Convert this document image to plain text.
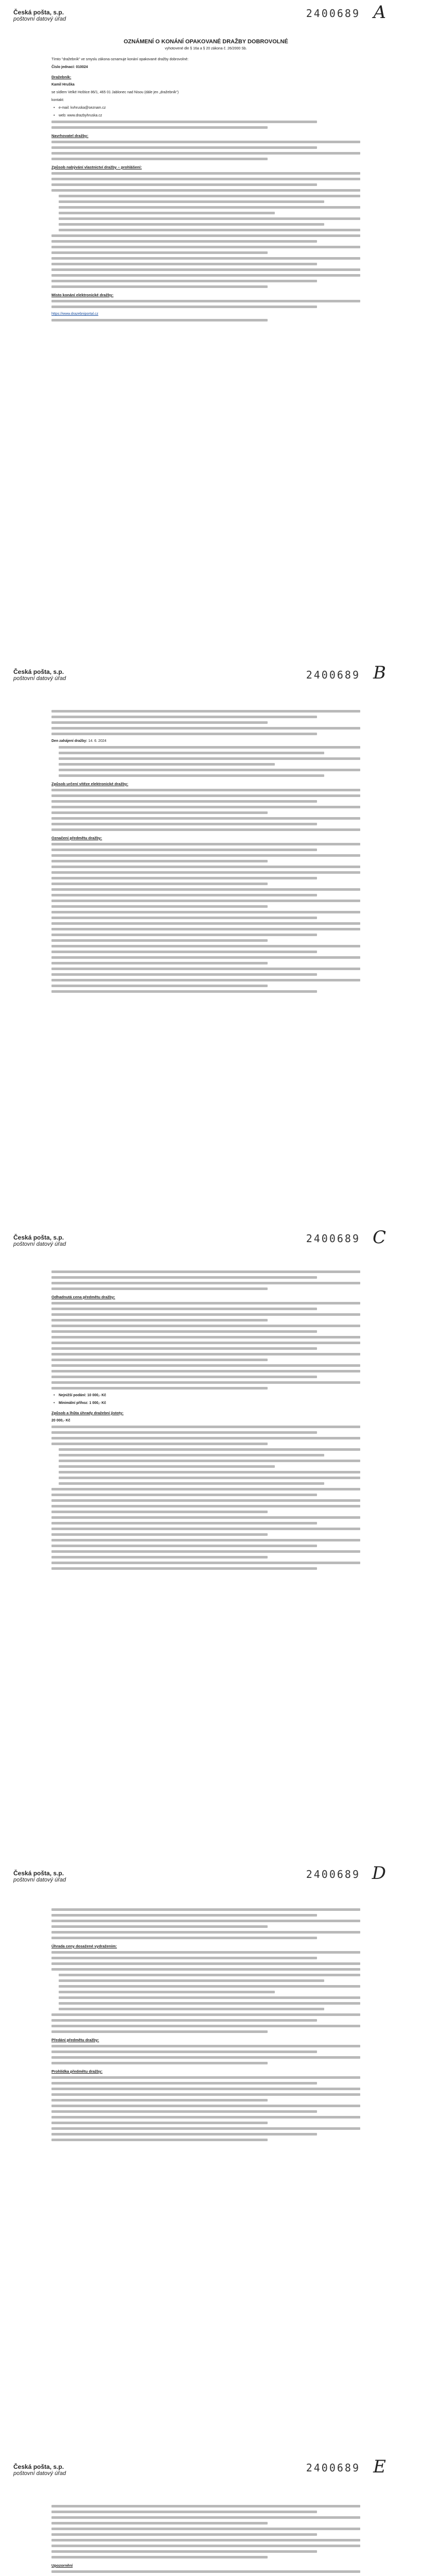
Česká pošta, s.p.
poštovní datový úřad	2400689 A
OZNÁMENÍ O KONÁNÍ OPAKOVANÉ DRAŽBY DOBROVOLNÉ
vyhotovené dle § 16a a § 20 zákona č. 26/2000 Sb.

Tímto "dražebník" ve smyslu zákona oznamuje konání opakované dražby dobrovolné:

Číslo jednací: 010024

Dražebník:

Kamil Hruška

se sídlem Velké Hoštice 86/1, 465 01 Jablonec nad Nisou (dále jen „dražebník“)

kontakt:

• e-mail: kvhruska@seznam.cz

• web: www.drazbyhruska.cz

Navrhovatel dražby:
Způsob nabývání vlastnictví dražby – prohlášení:
Místo konání elektronické dražby:

https://www.drazebniportal.cz

Česká pošta, s.p.
poštovní datový úřad	2400689 B

Den zahájení dražby: 14. 6. 2024

Způsob určení vítěze elektronické dražby:
Označení předmětu dražby:
Česká pošta, s.p.
poštovní datový úřad	2400689 C
Odhadnutá cena předmětu dražby:

• Nejnižší podání: 10 000,- Kč

• Minimální příhoz: 1 000,- Kč

Způsob a lhůta úhrady dražební jistoty:

20 000,- Kč

Česká pošta, s.p.
poštovní datový úřad	2400689 D
Úhrada ceny dosažené vydražením:
Předání předmětu dražby:
Prohlídka předmětu dražby:
Česká pošta, s.p.
poštovní datový úřad	2400689 E
Upozornění
